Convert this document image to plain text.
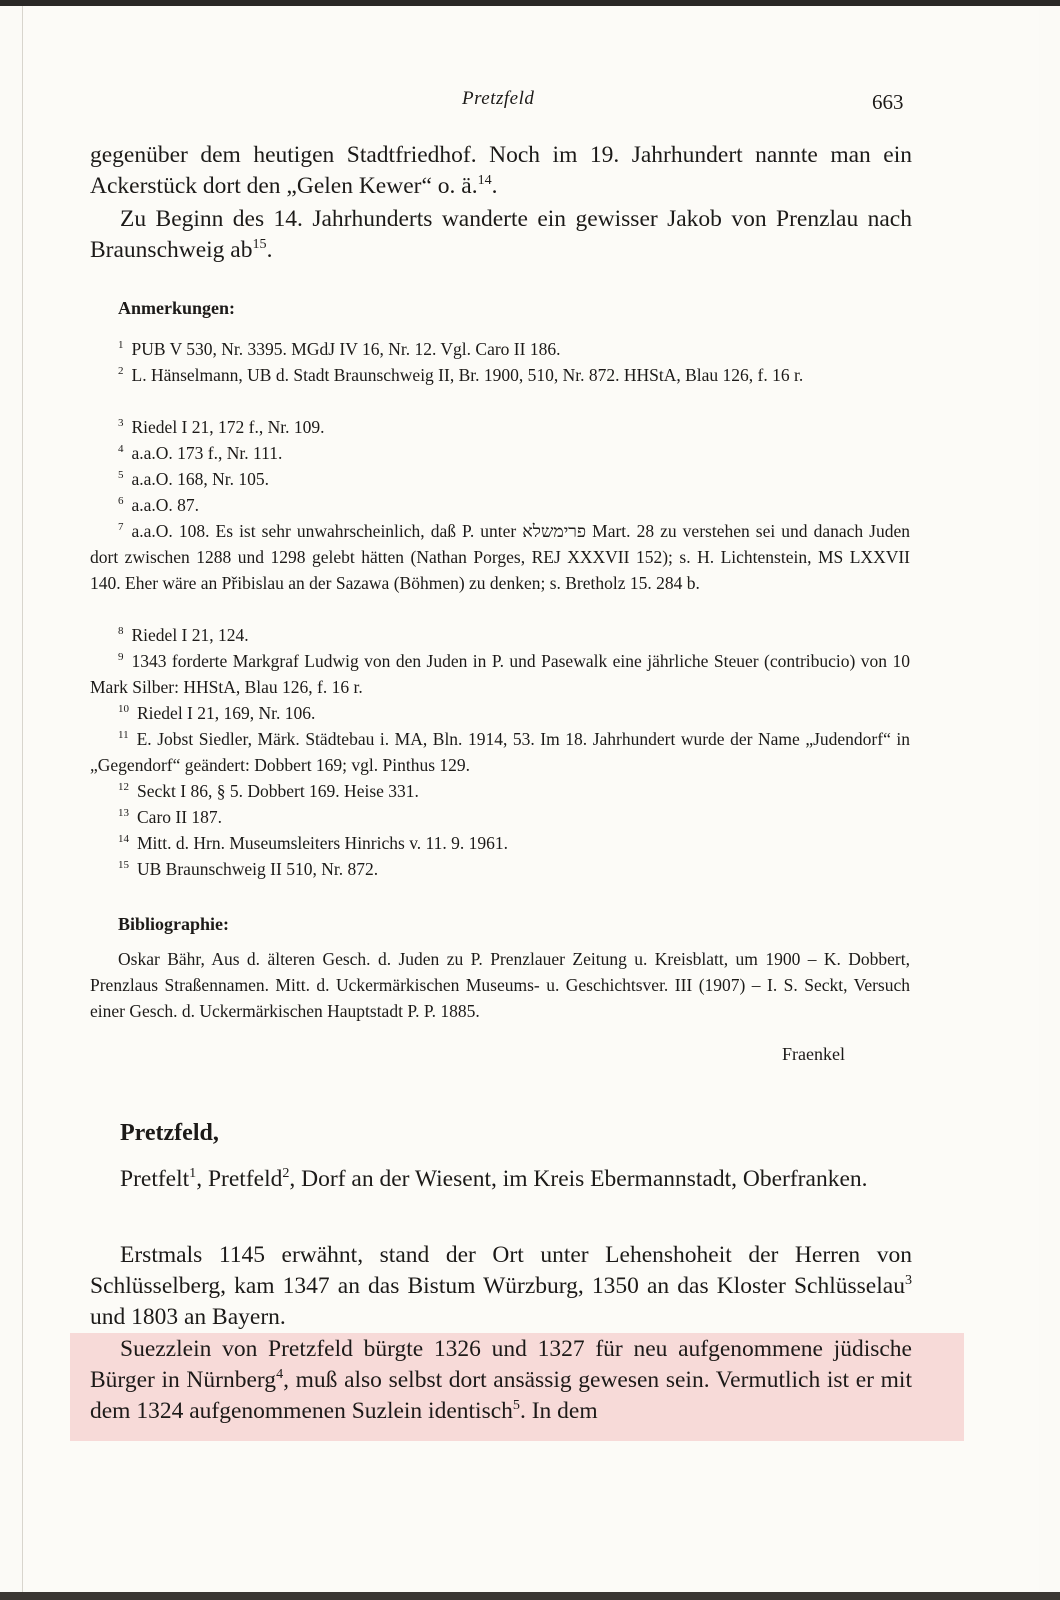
Pretzfeld	663
gegenüber dem heutigen Stadtfriedhof. Noch im 19. Jahrhundert nannte man ein Ackerstück dort den „Gelen Kewer“ o. ä.$^{14}$.
Zu Beginn des 14. Jahrhunderts wanderte ein gewisser Jakob von Prenzlau nach Braunschweig $ab^{15}$.
Anmerkungen:
$^1$ PUB V 530, Nr. 3395. MGdJ IV 16, Nr. 12. Vgl. Caro II 186.
$^2$ L. Hänselmann, UB d. Stadt Braunschweig II, Br. 1900, 510, Nr. 872. HHStA, Blau 126, f. 16 r.
$^3$ Riedel I 21, 172 f., Nr. 109.
$^4$ a.a.O. 173 f., Nr. 111.
$^5$ a.a.O. 168, Nr. 105.
$^6$ a.a.O. 87.
$^7$ a.a.O. 108. Es ist sehr unwahrscheinlich, daß P. unter פרימשלא Mart. 28 zu verstehen sei und danach Juden dort zwischen 1288 und 1298 gelebt hätten (Nathan Porges, REJ XXXVII 152); s. H. Lichtenstein, MS LXXVII 140. Eher wäre an Přibislau an der Sazawa (Böhmen) zu denken; s. Bretholz 15. 284 b.
$^8$ Riedel I 21, 124.
$^9$ 1343 forderte Markgraf Ludwig von den Juden in P. und Pasewalk eine jährliche Steuer (contribucio) von 10 Mark Silber: HHStA, Blau 126, f. 16 r.
$^{10}$ Riedel I 21, 169, Nr. 106.
$^{11}$ E. Jobst Siedler, Märk. Städtebau i. MA, Bln. 1914, 53. Im 18. Jahrhundert wurde der Name „Judendorf“ in „Gegendorf“ geändert: Dobbert 169; vgl. Pinthus 129.
$^{12}$ Seckt I 86, § 5. Dobbert 169. Heise 331.
$^{13}$ Caro II 187.
$^{14}$ Mitt. d. Hrn. Museumsleiters Hinrichs v. 11. 9. 1961.
$^{15}$ UB Braunschweig II 510, Nr. 872.
Bibliographie:
Oskar Bähr, Aus d. älteren Gesch. d. Juden zu P. Prenzlauer Zeitung u. Kreisblatt, um 1900 – K. Dobbert, Prenzlaus Straßennamen. Mitt. d. Uckermärkischen Museums- u. Geschichtsver. III (1907) – I. S. Seckt, Versuch einer Gesch. d. Uckermärkischen Hauptstadt P. P. 1885.
Fraenkel
Pretzfeld,
Pretfelt$^1$, Pretfeld$^2$, Dorf an der Wiesent, im Kreis Ebermannstadt, Oberfranken.
Erstmals 1145 erwähnt, stand der Ort unter Lehenshoheit der Herren von Schlüsselberg, kam 1347 an das Bistum Würzburg, 1350 an das Kloster Schlüsselau$^3$ und 1803 an Bayern.
Suezzlein von Pretzfeld bürgte 1326 und 1327 für neu aufgenommene jüdische Bürger in Nürnberg$^4$, muß also selbst dort ansässig gewesen sein. Vermutlich ist er mit dem 1324 aufgenommenen Suzlein identisch$^5$. In dem
